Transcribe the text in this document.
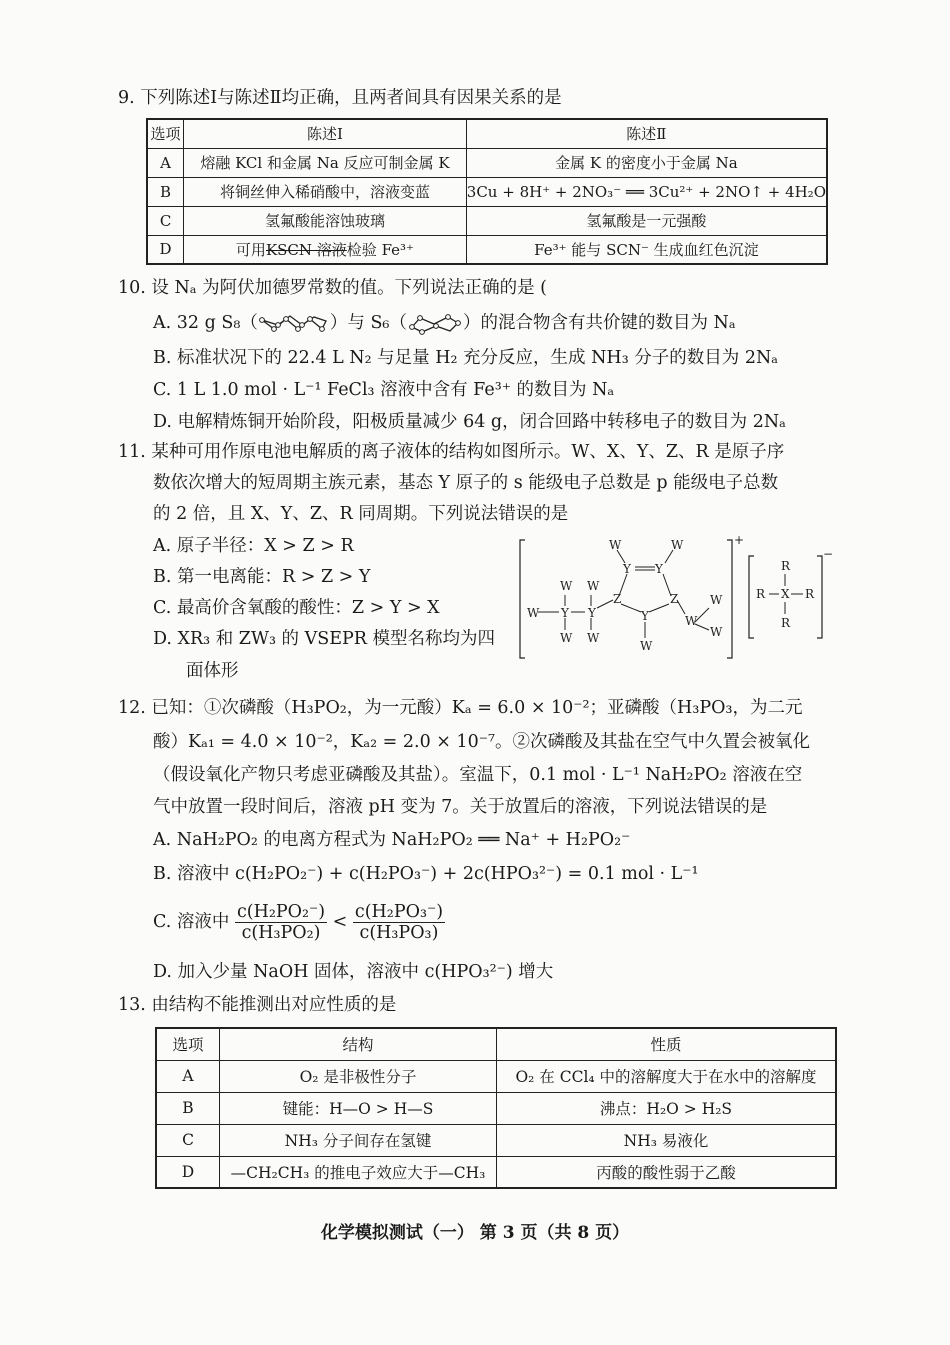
9. 下列陈述Ⅰ与陈述Ⅱ均正确，且两者间具有因果关系的是
选项	陈述Ⅰ	陈述Ⅱ
A	熔融 KCl 和金属 Na 反应可制金属 K	金属 K 的密度小于金属 Na
B	将铜丝伸入稀硝酸中，溶液变蓝	3Cu + 8H⁺ + 2NO₃⁻ ══ 3Cu²⁺ + 2NO↑ + 4H₂O
C	氢氟酸能溶蚀玻璃	氢氟酸是一元强酸
D	可用KSCN 溶液检验 Fe³⁺	Fe³⁺ 能与 SCN⁻ 生成血红色沉淀
10. 设 Nₐ 为阿伏加德罗常数的值。下列说法正确的是 (
A. 32 g S₈（	）与 S₆（	）的混合物含有共价键的数目为 Nₐ
B. 标准状况下的 22.4 L N₂ 与足量 H₂ 充分反应，生成 NH₃ 分子的数目为 2Nₐ
C. 1 L 1.0 mol · L⁻¹ FeCl₃ 溶液中含有 Fe³⁺ 的数目为 Nₐ
D. 电解精炼铜开始阶段，阳极质量减少 64 g，闭合回路中转移电子的数目为 2Nₐ
11. 某种可用作原电池电解质的离子液体的结构如图所示。W、X、Y、Z、R 是原子序
数依次增大的短周期主族元素，基态 Y 原子的 s 能级电子总数是 p 能级电子总数
的 2 倍，且 X、Y、Z、R 同周期。下列说法错误的是
A. 原子半径：X > Z > R
B. 第一电离能：R > Z > Y
C. 最高价含氧酸的酸性：Z > Y > X
D. XR₃ 和 ZW₃ 的 VSEPR 模型名称均为四
面体形
W	W
Y Y
W W
Z	Z	W
Y Y	Y
W
W W
W
W
W
+
R
R X R
R
−
12. 已知：①次磷酸（H₃PO₂，为一元酸）Kₐ = 6.0 × 10⁻²；亚磷酸（H₃PO₃，为二元
酸）Kₐ₁ = 4.0 × 10⁻²，Kₐ₂ = 2.0 × 10⁻⁷。②次磷酸及其盐在空气中久置会被氧化
（假设氧化产物只考虑亚磷酸及其盐）。室温下，0.1 mol · L⁻¹ NaH₂PO₂ 溶液在空
气中放置一段时间后，溶液 pH 变为 7。关于放置后的溶液，下列说法错误的是
A. NaH₂PO₂ 的电离方程式为 NaH₂PO₂ ══ Na⁺ + H₂PO₂⁻
B. 溶液中 c(H₂PO₂⁻) + c(H₂PO₃⁻) + 2c(HPO₃²⁻) = 0.1 mol · L⁻¹
C. 溶液中 $\frac{\text{c(H₂PO₂⁻)}}{\text{c(H₃PO₂)}} < \frac{\text{c(H₂PO₃⁻)}}{\text{c(H₃PO₃)}}$
D. 加入少量 NaOH 固体，溶液中 c(HPO₃²⁻) 增大
13. 由结构不能推测出对应性质的是
选项	结构	性质
A	O₂ 是非极性分子	O₂ 在 CCl₄ 中的溶解度大于在水中的溶解度
B	键能：H—O > H—S	沸点：H₂O > H₂S
C	NH₃ 分子间存在氢键	NH₃ 易液化
D	—CH₂CH₃ 的推电子效应大于—CH₃	丙酸的酸性弱于乙酸
化学模拟测试（一） 第 3 页（共 8 页）
